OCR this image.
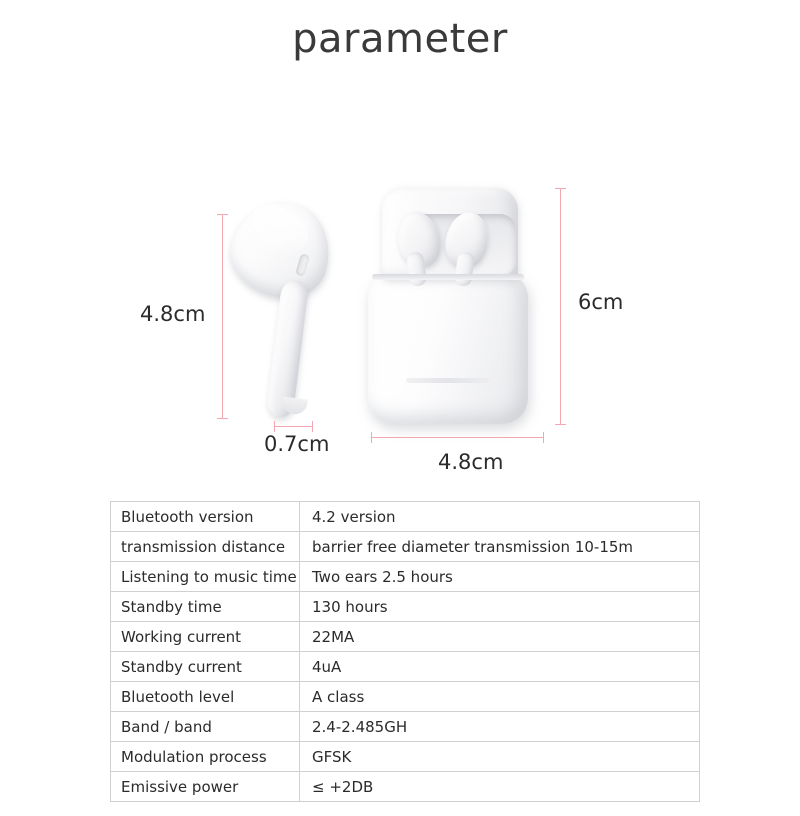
parameter
4.8cm
0.7cm
6cm
4.8cm
Bluetooth version	4.2 version
transmission distance	barrier free diameter transmission 10-15m
Listening to music time	Two ears 2.5 hours
Standby time	130 hours
Working current	22MA
Standby current	4uA
Bluetooth level	A class
Band / band	2.4-2.485GH
Modulation process	GFSK
Emissive power	≤ +2DB
